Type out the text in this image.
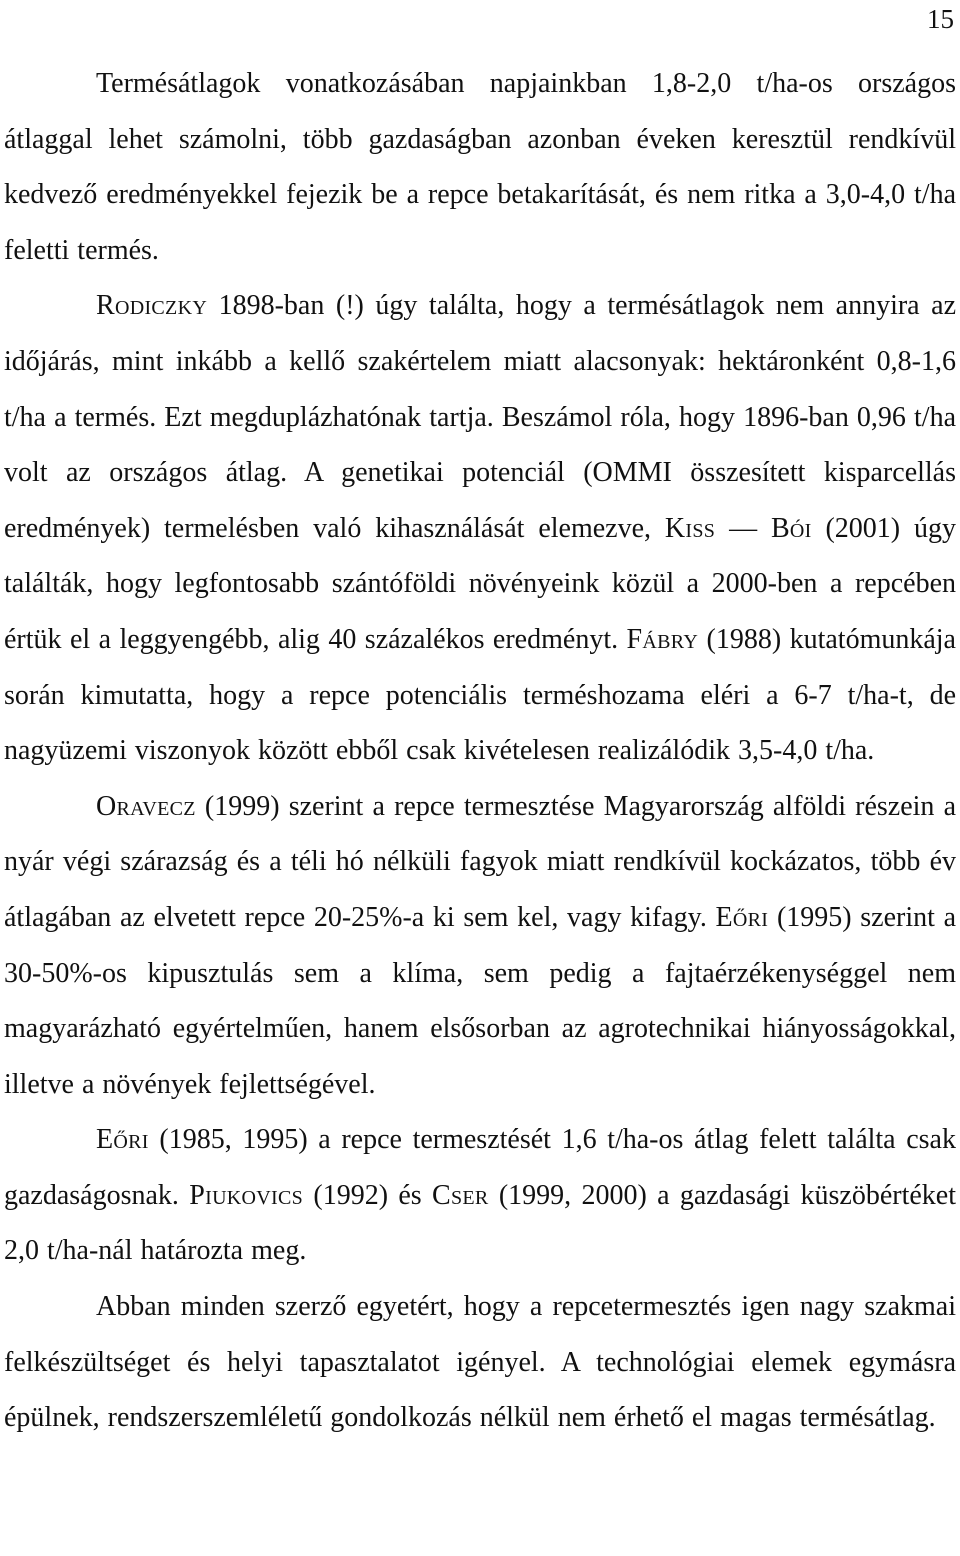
15

Termésátlagok vonatkozásában napjainkban 1,8-2,0 t/ha-os országos átlaggal lehet számolni, több gazdaságban azonban éveken keresztül rendkívül kedvező eredményekkel fejezik be a repce betakarítását, és nem ritka a 3,0-4,0 t/ha feletti termés.

Rodiczky 1898-ban (!) úgy találta, hogy a termésátlagok nem annyira az időjárás, mint inkább a kellő szakértelem miatt alacsonyak: hektáronként 0,8-1,6 t/ha a termés. Ezt megduplázhatónak tartja. Beszámol róla, hogy 1896-ban 0,96 t/ha volt az országos átlag. A genetikai potenciál (OMMI összesített kisparcellás eredmények) termelésben való kihasználását elemezve, Kiss — Bói (2001) úgy találták, hogy legfontosabb szántóföldi növényeink közül a 2000-ben a repcében értük el a leggyengébb, alig 40 százalékos eredményt. Fábry (1988) kutatómunkája során kimutatta, hogy a repce potenciális terméshozama eléri a 6-7 t/ha-t, de nagyüzemi viszonyok között ebből csak kivételesen realizálódik 3,5-4,0 t/ha.

Oravecz (1999) szerint a repce termesztése Magyarország alföldi részein a nyár végi szárazság és a téli hó nélküli fagyok miatt rendkívül kockázatos, több év átlagában az elvetett repce 20-25%-a ki sem kel, vagy kifagy. Eőri (1995) szerint a 30-50%-os kipusztulás sem a klíma, sem pedig a fajtaérzékenységgel nem magyarázható egyértelműen, hanem elsősorban az agrotechnikai hiányosságokkal, illetve a növények fejlettségével.

Eőri (1985, 1995) a repce termesztését 1,6 t/ha-os átlag felett találta csak gazdaságosnak. Piukovics (1992) és Cser (1999, 2000) a gazdasági küszöbértéket 2,0 t/ha-nál határozta meg.

Abban minden szerző egyetért, hogy a repcetermesztés igen nagy szakmai felkészültséget és helyi tapasztalatot igényel. A technológiai elemek egymásra épülnek, rendszerszemléletű gondolkozás nélkül nem érhető el magas termésátlag.
